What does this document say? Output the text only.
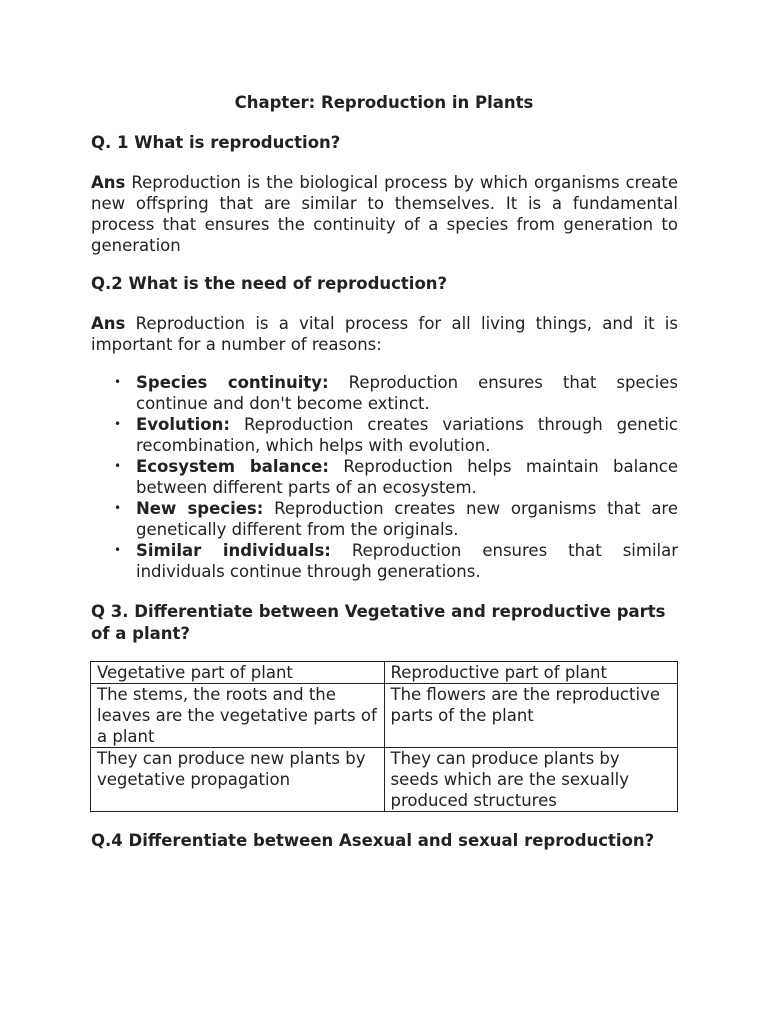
Chapter: Reproduction in Plants
Q. 1 What is reproduction?
Ans Reproduction is the biological process by which organisms create new offspring that are similar to themselves. It is a fundamental process that ensures the continuity of a species from generation to generation
Q.2 What is the need of reproduction?
Ans Reproduction is a vital process for all living things, and it is important for a number of reasons:
• Species continuity: Reproduction ensures that species continue and don't become extinct.
• Evolution: Reproduction creates variations through genetic recombination, which helps with evolution.
• Ecosystem balance: Reproduction helps maintain balance between different parts of an ecosystem.
• New species: Reproduction creates new organisms that are genetically different from the originals.
• Similar individuals: Reproduction ensures that similar individuals continue through generations.
Q 3. Differentiate between Vegetative and reproductive parts of a plant?
Vegetative part of plant	Reproductive part of plant
The stems, the roots and the leaves are the vegetative parts of a plant	The flowers are the reproductive parts of the plant
They can produce new plants by vegetative propagation	They can produce plants by seeds which are the sexually produced structures
Q.4 Differentiate between Asexual and sexual reproduction?
